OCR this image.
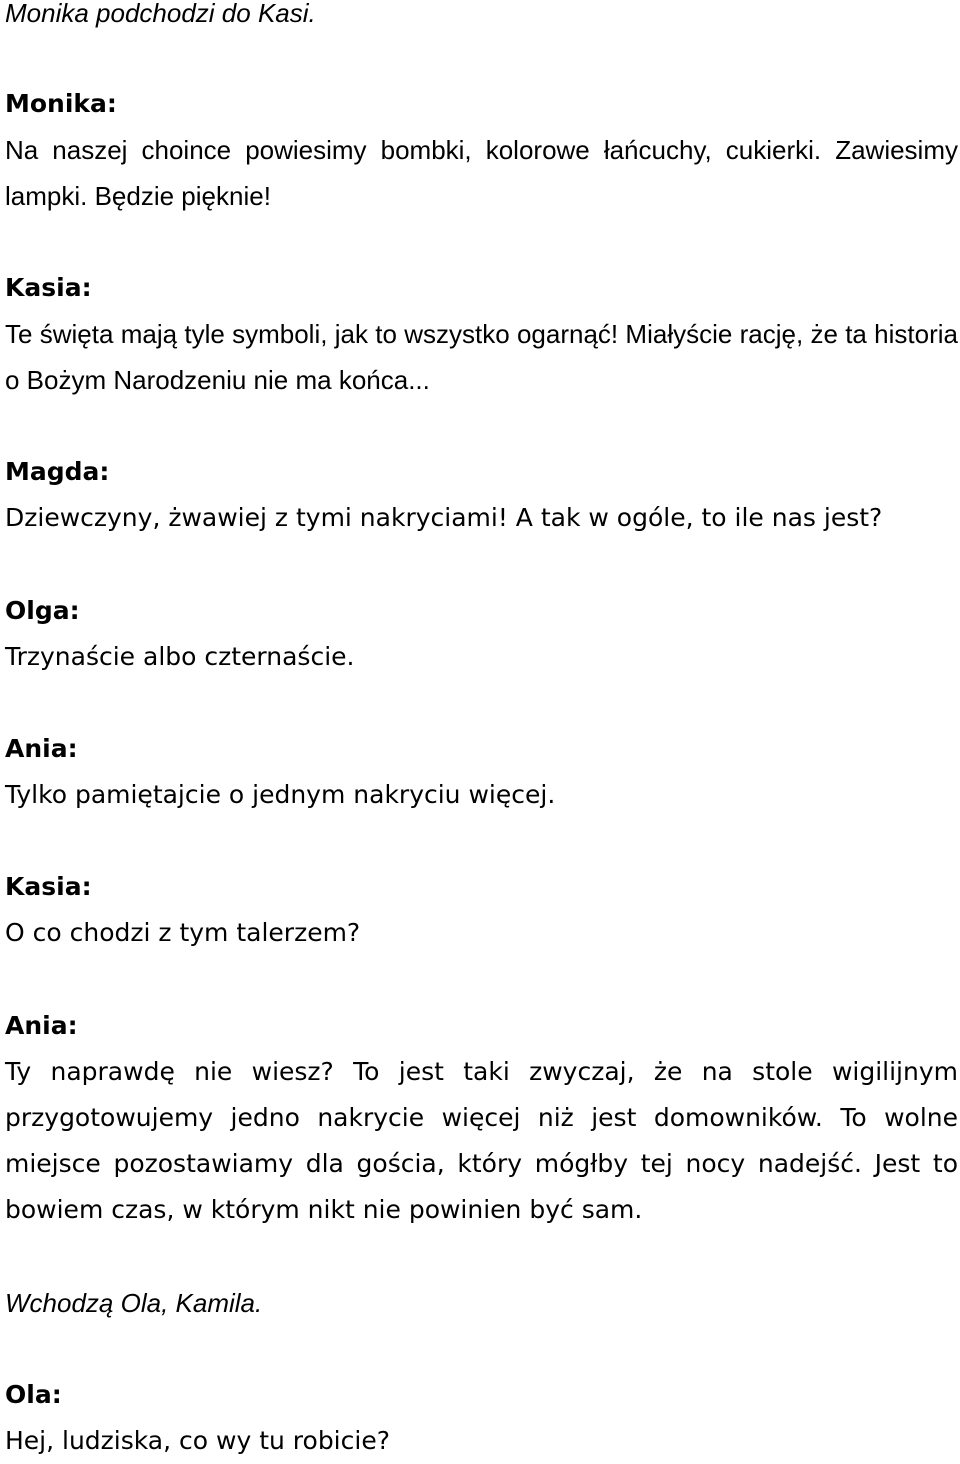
Monika podchodzi do Kasi.

Monika:

Na naszej choince powiesimy bombki, kolorowe łańcuchy, cukierki. Zawiesimy lampki. Będzie pięknie!

Kasia:

Te święta mają tyle symboli, jak to wszystko ogarnąć! Miałyście rację, że ta historia o Bożym Narodzeniu nie ma końca...

Magda:

Dziewczyny, żwawiej z tymi nakryciami! A tak w ogóle, to ile nas jest?

Olga:

Trzynaście albo czternaście.

Ania:

Tylko pamiętajcie o jednym nakryciu więcej.

Kasia:

O co chodzi z tym talerzem?

Ania:

Ty naprawdę nie wiesz? To jest taki zwyczaj, że na stole wigilijnym przygotowujemy jedno nakrycie więcej niż jest domowników. To wolne miejsce pozostawiamy dla gościa, który mógłby tej nocy nadejść. Jest to bowiem czas, w którym nikt nie powinien być sam.

Wchodzą Ola, Kamila.

Ola:

Hej, ludziska, co wy tu robicie?
